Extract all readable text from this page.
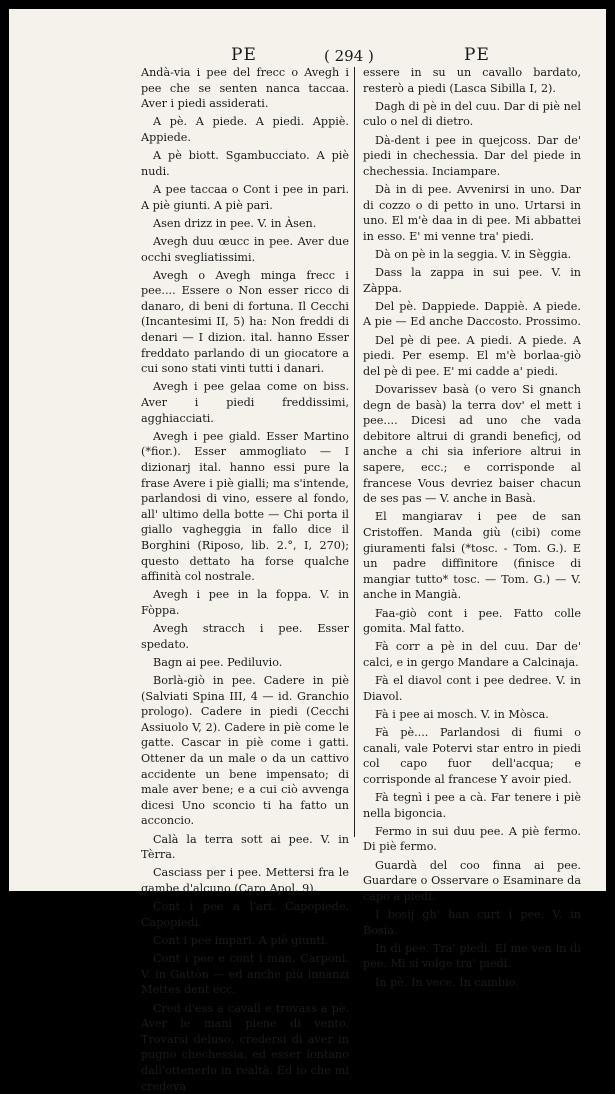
PE	( 294 )	PE

Andà-via i pee del frecc o Avegh i pee che se senten nanca taccaa. Aver i piedi assiderati.

A pè. A piede. A piedi. Appiè. Appiede.

A pè biott. Sgambucciato. A piè nudi.

A pee taccaa o Cont i pee in pari. A piè giunti. A piè pari.

Asen drizz in pee. V. in Àsen.

Avegh duu œucc in pee. Aver due occhi svegliatissimi.

Avegh o Avegh minga frecc i pee.... Essere o Non esser ricco di danaro, di beni di fortuna. Il Cecchi (Incantesimi II, 5) ha: Non freddi di denari — I dizion. ital. hanno Esser freddato parlando di un giocatore a cui sono stati vinti tutti i danari.

Avegh i pee gelaa come on biss. Aver i piedi freddissimi, agghiacciati.

Avegh i pee giald. Esser Martino (*fior.). Esser ammogliato — I dizionarj ital. hanno essi pure la frase Avere i piè gialli; ma s'intende, parlandosi di vino, essere al fondo, all' ultimo della botte — Chi porta il giallo vagheggia in fallo dice il Borghini (Riposo, lib. 2.°, I, 270); questo dettato ha forse qualche affinità col nostrale.

Avegh i pee in la foppa. V. in Fòppa.

Avegh stracch i pee. Esser spedato.

Bagn ai pee. Pediluvio.

Borlà-giò in pee. Cadere in piè (Salviati Spina III, 4 — id. Granchio prologo). Cadere in piedi (Cecchi Assiuolo V, 2). Cadere in piè come le gatte. Cascar in piè come i gatti. Ottener da un male o da un cattivo accidente un bene impensato; di male aver bene; e a cui ciò avvenga dicesi Uno sconcio ti ha fatto un acconcio.

Calà la terra sott ai pee. V. in Tèrra.

Casciass per i pee. Mettersi fra le gambe d'alcuno (Caro Apol. 9).

Cont i pee a l'ari. Capopiede. Capopiedi.

Cont i pee impari. A piè giunti.

Cont i pee e cont i man. Carponi. V. in Gattòn — ed anche più innanzi Mettes dent ecc.

Cred d'ess a cavall e trovass a pè. Aver le mani piene di vento. Trovarsi deluso, credersi di aver in pugno chechessia, ed esser lontano dall'ottenerlo in realtà. Ed io che mi credeva

essere in su un cavallo bardato, resterò a piedi (Lasca Sibilla I, 2).

Dagh di pè in del cuu. Dar di piè nel culo o nel di dietro.

Dà-dent i pee in quejcoss. Dar de' piedi in chechessia. Dar del piede in chechessia. Inciampare.

Dà in di pee. Avvenirsi in uno. Dar di cozzo o di petto in uno. Urtarsi in uno. El m'è daa in di pee. Mi abbattei in esso. E' mi venne tra' piedi.

Dà on pè in la seggia. V. in Sèggia.

Dass la zappa in sui pee. V. in Zàppa.

Del pè. Dappiede. Dappiè. A piede. A pie — Ed anche Daccosto. Prossimo.

Del pè di pee. A piedi. A piede. A piedi. Per esemp. El m'è borlaa-giò del pè di pee. E' mi cadde a' piedi.

Dovarissev basà (o vero Si gnanch degn de basà) la terra dov' el mett i pee.... Dicesi ad uno che vada debitore altrui di grandi beneficj, od anche a chi sia inferiore altrui in sapere, ecc.; e corrisponde al francese Vous devriez baiser chacun de ses pas — V. anche in Basà.

El mangiarav i pee de san Cristoffen. Manda giù (cibi) come giuramenti falsi (*tosc. - Tom. G.). E un padre diffinitore (finisce di mangiar tutto* tosc. — Tom. G.) — V. anche in Mangià.

Faa-giò cont i pee. Fatto colle gomita. Mal fatto.

Fà corr a pè in del cuu. Dar de' calci, e in gergo Mandare a Calcinaja.

Fà el diavol cont i pee dedree. V. in Diavol.

Fà i pee ai mosch. V. in Mòsca.

Fà pè.... Parlandosi di fiumi o canali, vale Potervi star entro in piedi col capo fuor dell'acqua; e corrisponde al francese Y avoir pied.

Fà tegnì i pee a cà. Far tenere i piè nella bigoncia.

Fermo in sui duu pee. A piè fermo. Di piè fermo.

Guardà del coo finna ai pee. Guardare o Osservare o Esaminare da capo a piedi.

I bosij gh' han curt i pee. V. in Bosia.

In di pee. Tra' piedi. El me ven in di pee. Mi si volge tra' piedi.

In pè. In vece. In cambio.
